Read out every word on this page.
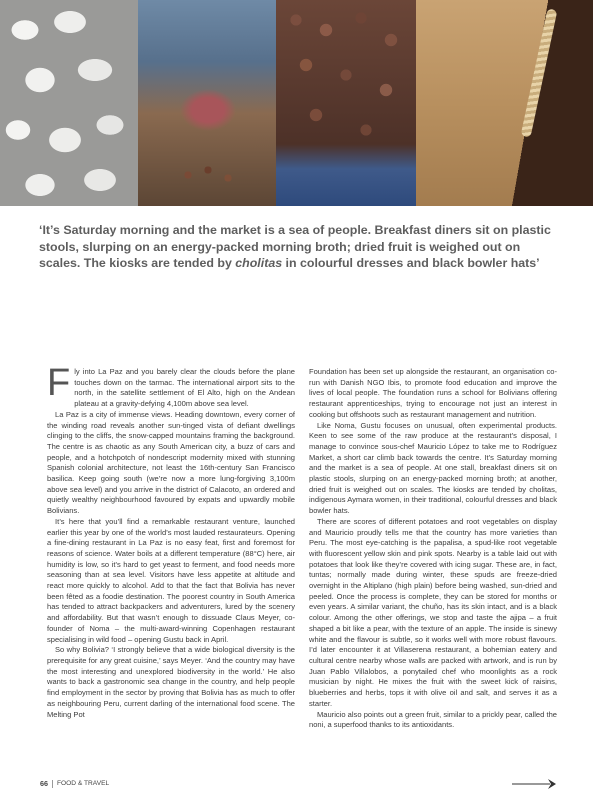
‘It’s Saturday morning and the market is a sea of people. Breakfast diners sit on plastic stools, slurping on an energy-packed morning broth; dried fruit is weighed out on scales. The kiosks are tended by cholitas in colourful dresses and black bowler hats’

Fly into La Paz and you barely clear the clouds before the plane touches down on the tarmac. The international airport sits to the north, in the satellite settlement of El Alto, high on the Andean plateau at a gravity-defying 4,100m above sea level.

La Paz is a city of immense views. Heading downtown, every corner of the winding road reveals another sun-tinged vista of defiant dwellings clinging to the cliffs, the snow-capped mountains framing the background. The centre is as chaotic as any South American city, a buzz of cars and people, and a hotchpotch of nondescript modernity mixed with stunning Spanish colonial architecture, not least the 16th-century San Francisco basilica. Keep going south (we’re now a more lung-forgiving 3,100m above sea level) and you arrive in the district of Calacoto, an ordered and quietly wealthy neighbourhood favoured by expats and upwardly mobile Bolivians.

It’s here that you’ll find a remarkable restaurant venture, launched earlier this year by one of the world’s most lauded restaurateurs. Opening a fine-dining restaurant in La Paz is no easy feat, first and foremost for reasons of science. Water boils at a different temperature (88°C) here, air humidity is low, so it’s hard to get yeast to ferment, and food needs more seasoning than at sea level. Visitors have less appetite at altitude and react more quickly to alcohol. Add to that the fact that Bolivia has never been fêted as a foodie destination. The poorest country in South America has tended to attract backpackers and adventurers, lured by the scenery and affordability. But that wasn’t enough to dissuade Claus Meyer, co-founder of Noma – the multi-award-winning Copenhagen restaurant specialising in wild food – opening Gustu back in April.

So why Bolivia? ‘I strongly believe that a wide biological diversity is the prerequisite for any great cuisine,’ says Meyer. ‘And the country may have the most interesting and unexplored biodiversity in the world.’ He also wants to back a gastronomic sea change in the country, and help people find employment in the sector by proving that Bolivia has as much to offer as neighbouring Peru, current darling of the international food scene. The Melting Pot

Foundation has been set up alongside the restaurant, an organisation co-run with Danish NGO Ibis, to promote food education and improve the lives of local people. The foundation runs a school for Bolivians offering restaurant apprenticeships, trying to encourage not just an interest in cooking but offshoots such as restaurant management and nutrition.

Like Noma, Gustu focuses on unusual, often experimental products. Keen to see some of the raw produce at the restaurant’s disposal, I manage to convince sous-chef Mauricio López to take me to Rodríguez Market, a short car climb back towards the centre. It’s Saturday morning and the market is a sea of people. At one stall, breakfast diners sit on plastic stools, slurping on an energy-packed morning broth; at another, dried fruit is weighed out on scales. The kiosks are tended by cholitas, indigenous Aymara women, in their traditional, colourful dresses and black bowler hats.

There are scores of different potatoes and root vegetables on display and Mauricio proudly tells me that the country has more varieties than Peru. The most eye-catching is the papalisa, a spud-like root vegetable with fluorescent yellow skin and pink spots. Nearby is a table laid out with potatoes that look like they’re covered with icing sugar. These are, in fact, tuntas; normally made during winter, these spuds are freeze-dried overnight in the Altiplano (high plain) before being washed, sun-dried and peeled. Once the process is complete, they can be stored for months or even years. A similar variant, the chuño, has its skin intact, and is a black colour. Among the other offerings, we stop and taste the ajipa – a fruit shaped a bit like a pear, with the texture of an apple. The inside is sinewy white and the flavour is subtle, so it works well with more robust flavours. I’d later encounter it at Villaserena restaurant, a bohemian eatery and cultural centre nearby whose walls are packed with artwork, and is run by Juan Pablo Villalobos, a ponytailed chef who moonlights as a rock musician by night. He mixes the fruit with the sweet kick of raisins, blueberries and herbs, tops it with olive oil and salt, and serves it as a starter.

Mauricio also points out a green fruit, similar to a prickly pear, called the noni, a superfood thanks to its antioxidants.

66 FOOD & TRAVEL
